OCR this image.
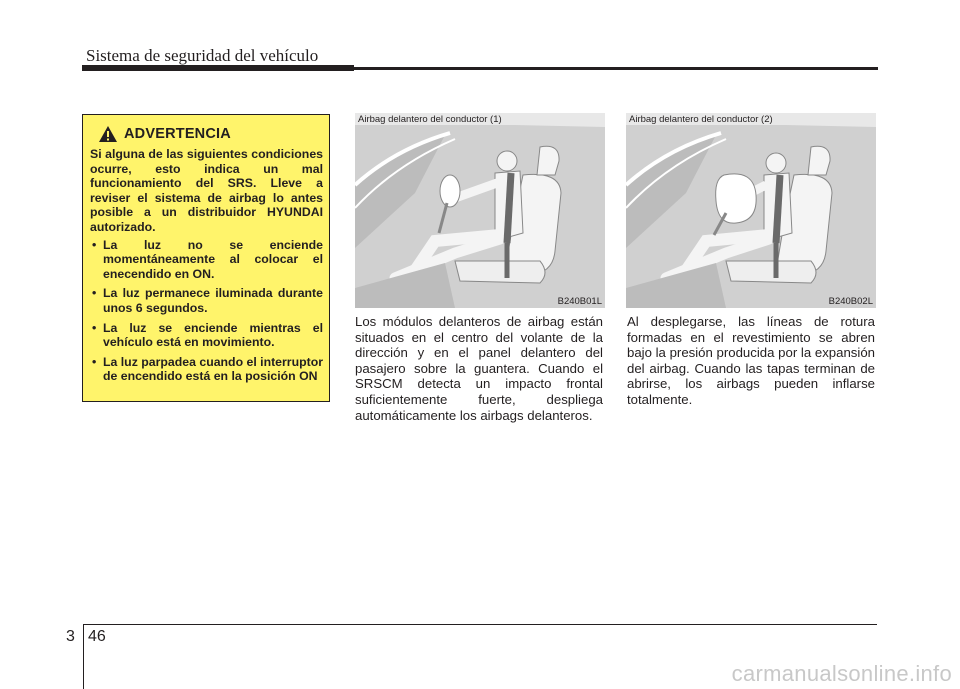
Sistema de seguridad del vehículo
ADVERTENCIA

Si alguna de las siguientes condiciones ocurre, esto indica un mal funcionamiento del SRS. Lleve a reviser el sistema de airbag lo antes posible a un distribuidor HYUNDAI autorizado.

• La luz no se enciende momentáneamente al colocar el enecendido en ON.
• La luz permanece iluminada durante unos 6 segundos.
• La luz se enciende mientras el vehículo está en movimiento.
• La luz parpadea cuando el interruptor de encendido está en la posición ON
Airbag delantero del conductor (1)
B240B01L
Airbag delantero del conductor (2)
B240B02L

Los módulos delanteros de airbag están situados en el centro del volante de la dirección y en el panel delantero del pasajero sobre la guantera. Cuando el SRSCM detecta un impacto frontal suficientemente fuerte, despliega automáticamente los airbags delanteros.

Al desplegarse, las líneas de rotura formadas en el revestimiento se abren bajo la presión producida por la expansión del airbag. Cuando las tapas terminan de abrirse, los airbags pueden inflarse totalmente.

3 46
carmanualsonline.info
